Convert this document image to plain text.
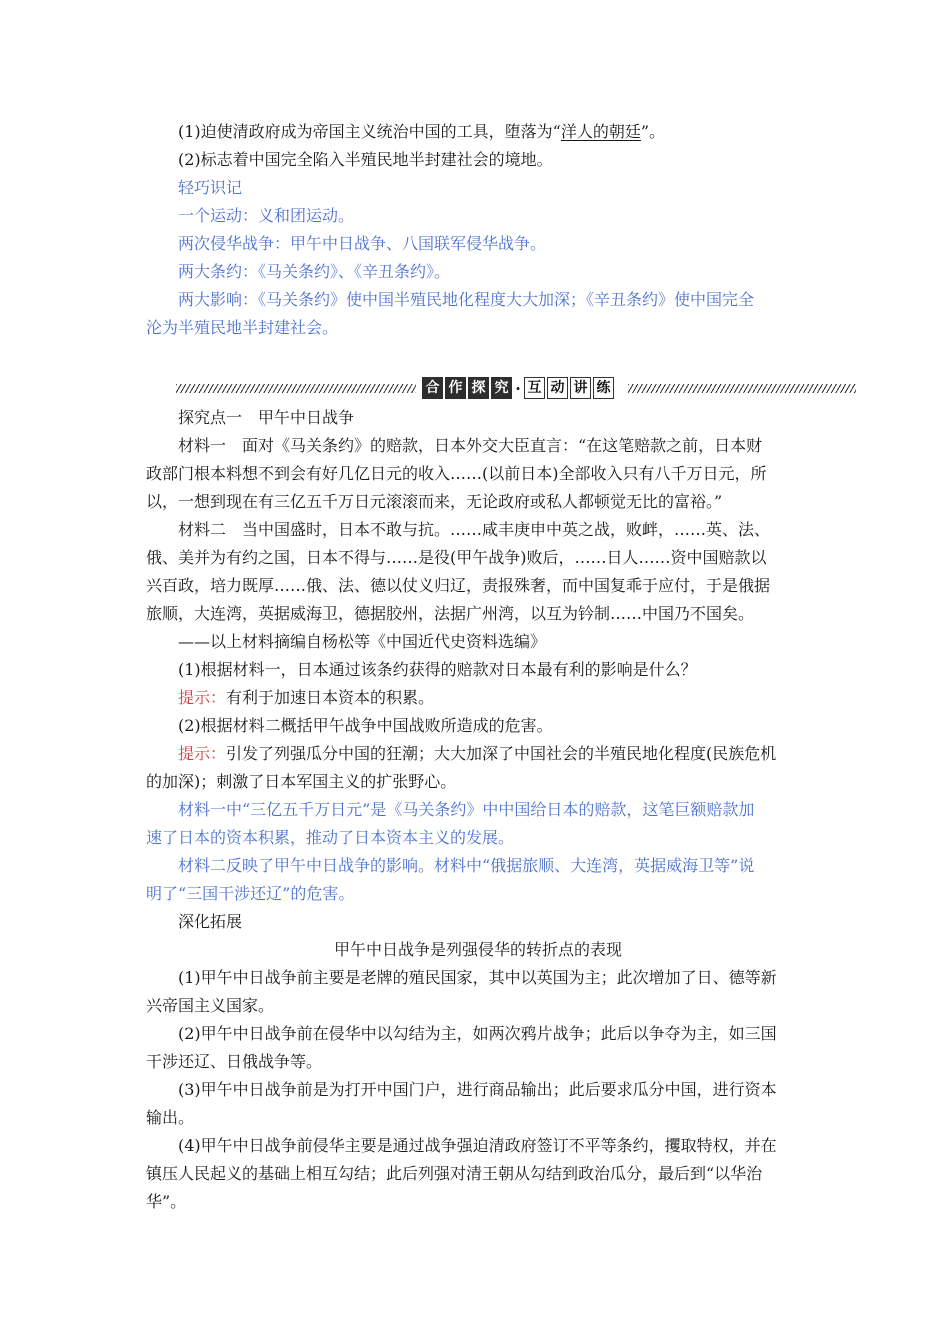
(1)迫使清政府成为帝国主义统治中国的工具，堕落为“洋人的朝廷”。
(2)标志着中国完全陷入半殖民地半封建社会的境地。
轻巧识记
一个运动：义和团运动。
两次侵华战争：甲午中日战争、八国联军侵华战争。
两大条约：《马关条约》、《辛丑条约》。
两大影响：《马关条约》使中国半殖民地化程度大大加深；《辛丑条约》使中国完全
沦为半殖民地半封建社会。
探究点一　甲午中日战争
材料一　面对《马关条约》的赔款，日本外交大臣直言：“在这笔赔款之前，日本财
政部门根本料想不到会有好几亿日元的收入……(以前日本)全部收入只有八千万日元，所
以，一想到现在有三亿五千万日元滚滚而来，无论政府或私人都顿觉无比的富裕。”
材料二　当中国盛时，日本不敢与抗。……咸丰庚申中英之战，败衅，……英、法、
俄、美并为有约之国，日本不得与……是役(甲午战争)败后，……日人……资中国赔款以
兴百政，培力既厚……俄、法、德以仗义归辽，责报殊奢，而中国复乖于应付，于是俄据
旅顺，大连湾，英据威海卫，德据胶州，法据广州湾，以互为钤制……中国乃不国矣。
——以上材料摘编自杨松等《中国近代史资料选编》
(1)根据材料一，日本通过该条约获得的赔款对日本最有利的影响是什么？
提示：有利于加速日本资本的积累。
(2)根据材料二概括甲午战争中国战败所造成的危害。
提示：引发了列强瓜分中国的狂潮；大大加深了中国社会的半殖民地化程度(民族危机
的加深)；刺激了日本军国主义的扩张野心。
材料一中“三亿五千万日元”是《马关条约》中中国给日本的赔款，这笔巨额赔款加
速了日本的资本积累，推动了日本资本主义的发展。
材料二反映了甲午中日战争的影响。材料中“俄据旅顺、大连湾，英据威海卫等”说
明了“三国干涉还辽”的危害。
深化拓展
甲午中日战争是列强侵华的转折点的表现
(1)甲午中日战争前主要是老牌的殖民国家，其中以英国为主；此次增加了日、德等新
兴帝国主义国家。
(2)甲午中日战争前在侵华中以勾结为主，如两次鸦片战争；此后以争夺为主，如三国
干涉还辽、日俄战争等。
(3)甲午中日战争前是为打开中国门户，进行商品输出；此后要求瓜分中国，进行资本
输出。
(4)甲午中日战争前侵华主要是通过战争强迫清政府签订不平等条约，攫取特权，并在
镇压人民起义的基础上相互勾结；此后列强对清王朝从勾结到政治瓜分，最后到“以华治
华”。
合 作 探 究 · 互 动 讲 练
